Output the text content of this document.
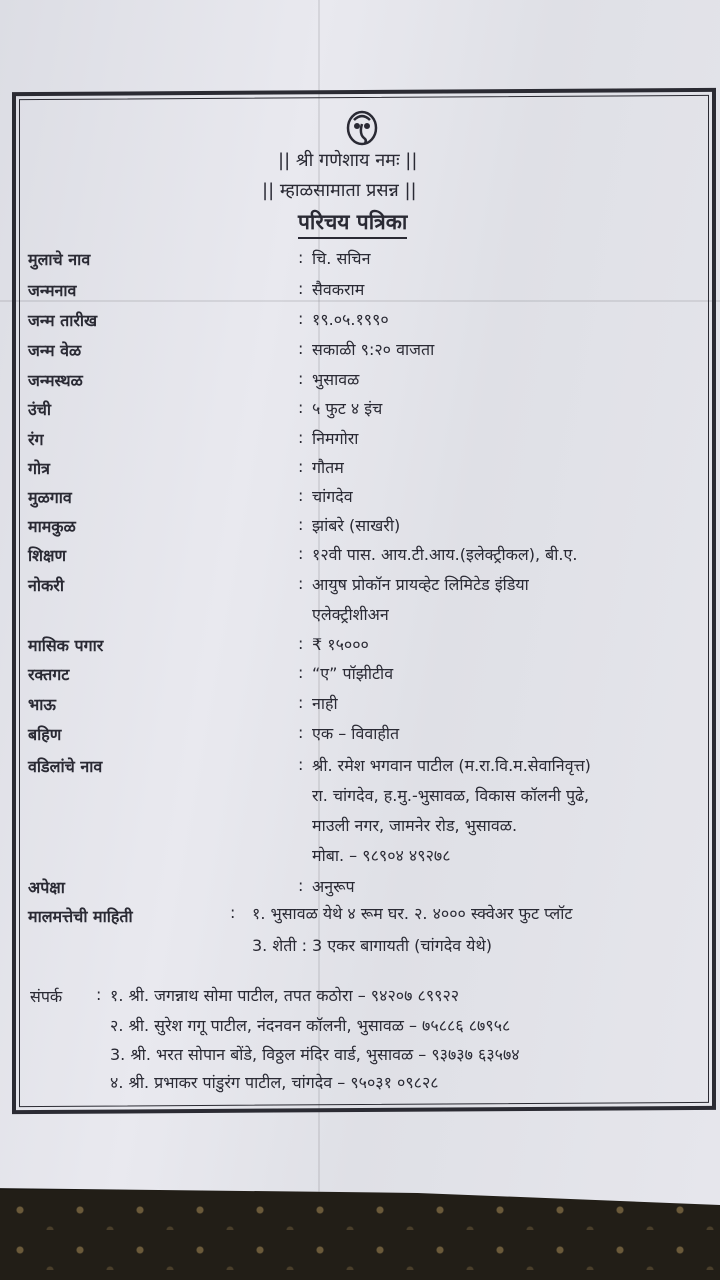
|| श्री गणेशाय नमः ||
|| म्हाळसामाता प्रसन्न ||
परिचय पत्रिका
मुलाचे नाव	: चि. सचिन
जन्मनाव	: सैवकराम
जन्म तारीख	: १९.०५.१९९०
जन्म वेळ	: सकाळी ९:२० वाजता
जन्मस्थळ	: भुसावळ
उंची	: ५ फुट ४ इंच
रंग	: निमगोरा
गोत्र	: गौतम
मुळगाव	: चांगदेव
मामकुळ	: झांबरे (साखरी)
शिक्षण	: १२वी पास. आय.टी.आय.(इलेक्ट्रीकल), बी.ए.
नोकरी	: आयुष प्रोकॉन प्रायव्हेट लिमिटेड इंडिया
एलेक्ट्रीशीअन
मासिक पगार	: ₹ १५०००
रक्तगट	: “ए” पॉझीटीव
भाऊ	: नाही
बहिण	: एक – विवाहीत
वडिलांचे नाव	: श्री. रमेश भगवान पाटील (म.रा.वि.म.सेवानिवृत्त)
रा. चांगदेव, ह.मु.-भुसावळ, विकास कॉलनी पुढे,
माउली नगर, जामनेर रोड, भुसावळ.
मोबा. – ९८९०४ ४९२७८
अपेक्षा	: अनुरूप
मालमत्तेची माहिती	: १. भुसावळ येथे ४ रूम घर. २. ४००० स्क्वेअर फुट प्लॉट
3. शेती : 3 एकर बागायती (चांगदेव येथे)
संपर्क : १. श्री. जगन्नाथ सोमा पाटील, तपत कठोरा – ९४२०७ ८९९२२
२. श्री. सुरेश गगू पाटील, नंदनवन कॉलनी, भुसावळ – ७५८८६ ८७९५८
3. श्री. भरत सोपान बोंडे, विठ्ठल मंदिर वार्ड, भुसावळ – ९३७३७ ६३५७४
४. श्री. प्रभाकर पांडुरंग पाटील, चांगदेव – ९५०३१ ०९८२८
